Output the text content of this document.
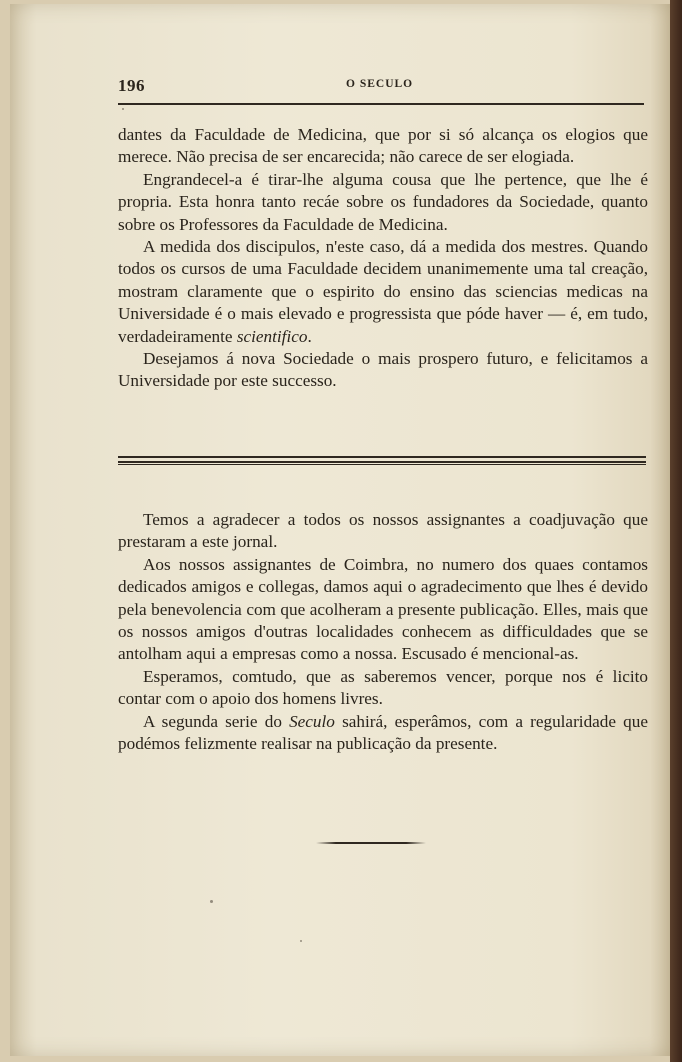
196	O SECULO

dantes da Faculdade de Medicina, que por si só alcança os elogios que merece. Não precisa de ser encarecida; não carece de ser elogiada.

Engrandecel-a é tirar-lhe alguma cousa que lhe pertence, que lhe é propria. Esta honra tanto recáe sobre os fundadores da Sociedade, quanto sobre os Professores da Faculdade de Medicina.

A medida dos discipulos, n'este caso, dá a medida dos mestres. Quando todos os cursos de uma Faculdade decidem unanimemente uma tal creação, mostram claramente que o espirito do ensino das sciencias medicas na Universidade é o mais elevado e progressista que póde haver — é, em tudo, verdadeiramente scientifico.

Desejamos á nova Sociedade o mais prospero futuro, e felicitamos a Universidade por este successo.

Temos a agradecer a todos os nossos assignantes a coadjuvação que prestaram a este jornal.

Aos nossos assignantes de Coimbra, no numero dos quaes contamos dedicados amigos e collegas, damos aqui o agradecimento que lhes é devido pela benevolencia com que acolheram a presente publicação. Elles, mais que os nossos amigos d'outras localidades conhecem as difficuldades que se antolham aqui a empresas como a nossa. Escusado é mencional-as.

Esperamos, comtudo, que as saberemos vencer, porque nos é licito contar com o apoio dos homens livres.

A segunda serie do Seculo sahirá, esperâmos, com a regularidade que podémos felizmente realisar na publicação da presente.
